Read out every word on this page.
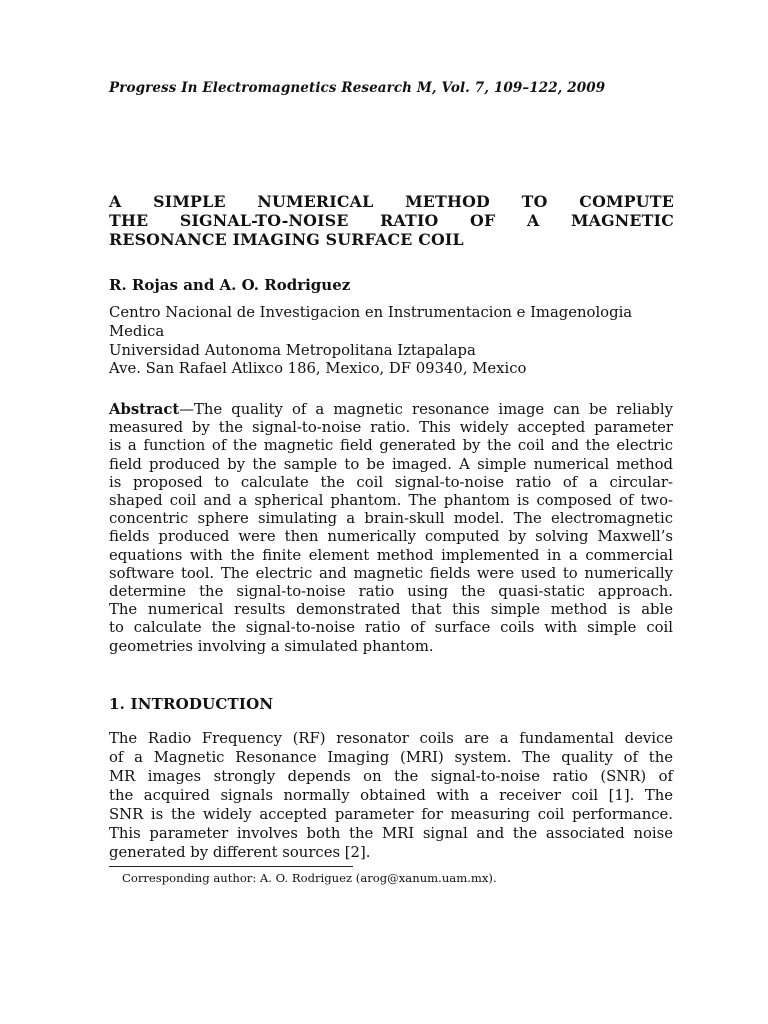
Progress In Electromagnetics Research M, Vol. 7, 109–122, 2009
A SIMPLE NUMERICAL METHOD TO COMPUTE
THE SIGNAL-TO-NOISE RATIO OF A MAGNETIC
RESONANCE IMAGING SURFACE COIL
R. Rojas and A. O. Rodriguez
Centro Nacional de Investigacion en Instrumentacion e Imagenologia
Medica
Universidad Autonoma Metropolitana Iztapalapa
Ave. San Rafael Atlixco 186, Mexico, DF 09340, Mexico
Abstract—The quality of a magnetic resonance image can be reliably
measured by the signal-to-noise ratio. This widely accepted parameter
is a function of the magnetic field generated by the coil and the electric
field produced by the sample to be imaged. A simple numerical method
is proposed to calculate the coil signal-to-noise ratio of a circular-
shaped coil and a spherical phantom. The phantom is composed of two-
concentric sphere simulating a brain-skull model. The electromagnetic
fields produced were then numerically computed by solving Maxwell’s
equations with the finite element method implemented in a commercial
software tool. The electric and magnetic fields were used to numerically
determine the signal-to-noise ratio using the quasi-static approach.
The numerical results demonstrated that this simple method is able
to calculate the signal-to-noise ratio of surface coils with simple coil
geometries involving a simulated phantom.
1. INTRODUCTION
The Radio Frequency (RF) resonator coils are a fundamental device
of a Magnetic Resonance Imaging (MRI) system. The quality of the
MR images strongly depends on the signal-to-noise ratio (SNR) of
the acquired signals normally obtained with a receiver coil [1]. The
SNR is the widely accepted parameter for measuring coil performance.
This parameter involves both the MRI signal and the associated noise
generated by different sources [2].
Corresponding author: A. O. Rodriguez (arog@xanum.uam.mx).
